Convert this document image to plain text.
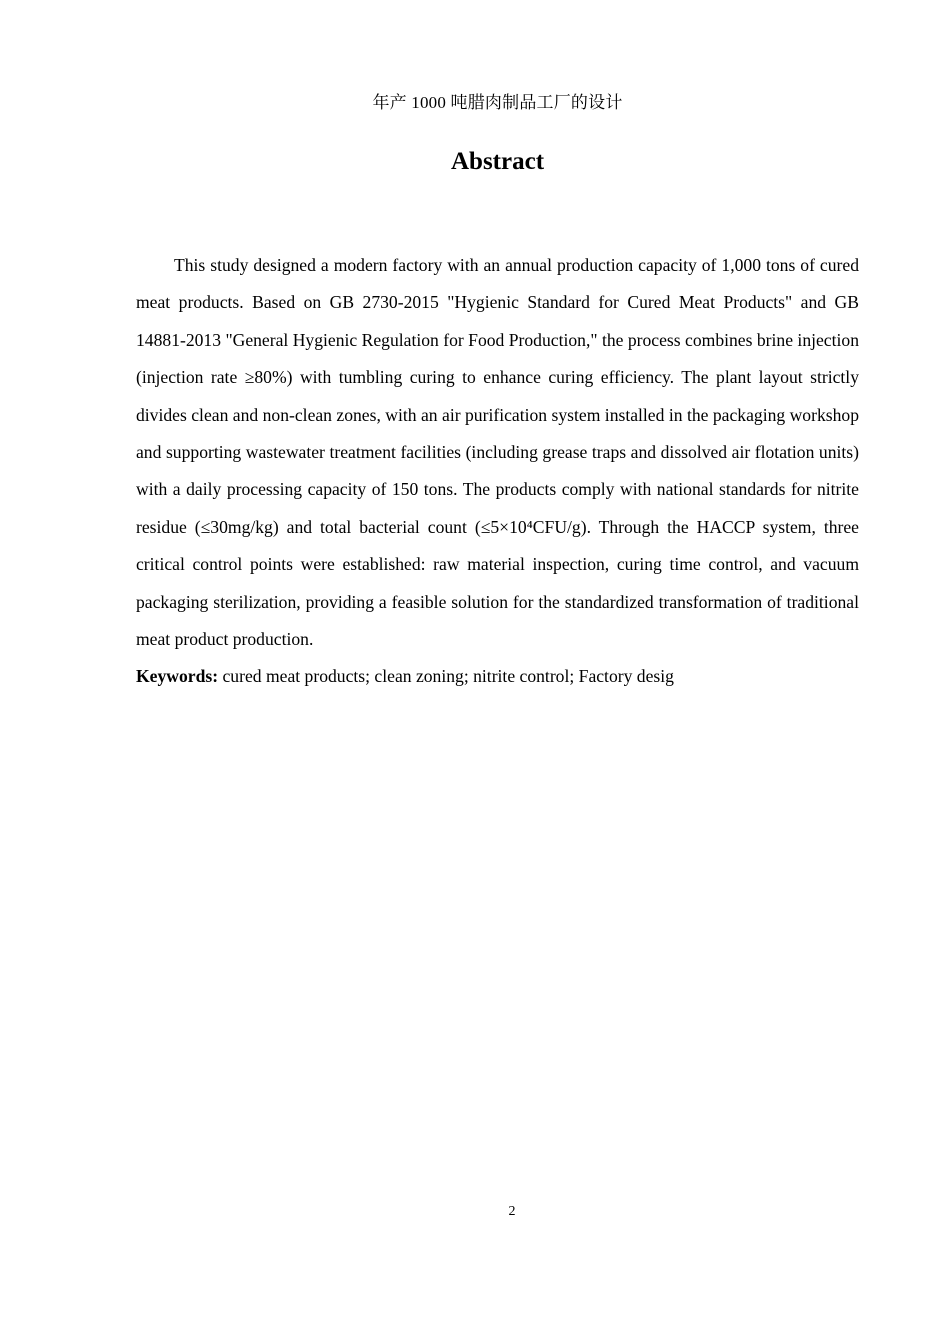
年产 1000 吨腊肉制品工厂的设计
Abstract

This study designed a modern factory with an annual production capacity of 1,000 tons of cured meat products. Based on GB 2730-2015 "Hygienic Standard for Cured Meat Products" and GB 14881-2013 "General Hygienic Regulation for Food Production," the process combines brine injection (injection rate ≥80%) with tumbling curing to enhance curing efficiency. The plant layout strictly divides clean and non-clean zones, with an air purification system installed in the packaging workshop and supporting wastewater treatment facilities (including grease traps and dissolved air flotation units) with a daily processing capacity of 150 tons. The products comply with national standards for nitrite residue (≤30mg/kg) and total bacterial count (≤5×10⁴CFU/g). Through the HACCP system, three critical control points were established: raw material inspection, curing time control, and vacuum packaging sterilization, providing a feasible solution for the standardized transformation of traditional meat product production.

Keywords: cured meat products; clean zoning; nitrite control; Factory desig

2
